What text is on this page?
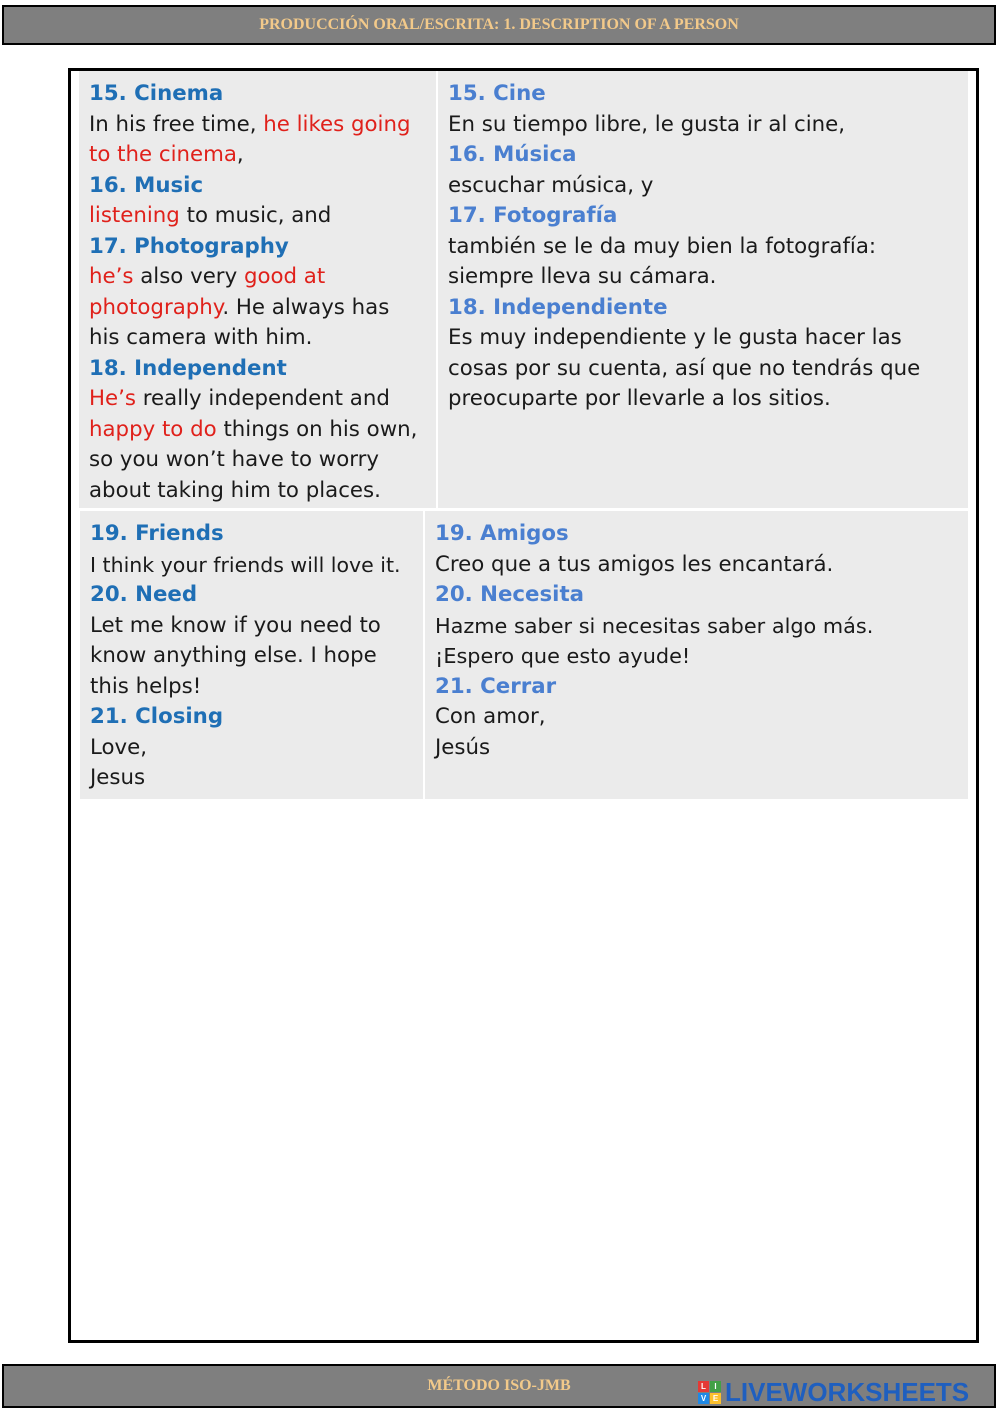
PRODUCCIÓN ORAL/ESCRITA: 1. DESCRIPTION OF A PERSON

15. Cinema

In his free time, he likes going to the cinema,

16. Music

listening to music, and

17. Photography

he’s also very good at photography. He always has his camera with him.

18. Independent

He’s really independent and happy to do things on his own, so you won’t have to worry about taking him to places.

15. Cine

En su tiempo libre, le gusta ir al cine,

16. Música

escuchar música, y

17. Fotografía

también se le da muy bien la fotografía: siempre lleva su cámara.

18. Independiente

Es muy independiente y le gusta hacer las cosas por su cuenta, así que no tendrás que preocuparte por llevarle a los sitios.

19. Friends

I think your friends will love it.

20. Need

Let me know if you need to know anything else. I hope this helps!

21. Closing

Love,

Jesus

19. Amigos

Creo que a tus amigos les encantará.

20. Necesita

Hazme saber si necesitas saber algo más. ¡Espero que esto ayude!

21. Cerrar

Con amor,

Jesús

MÉTODO ISO-JMB	L	I
V E LIVEWORKSHEETS
